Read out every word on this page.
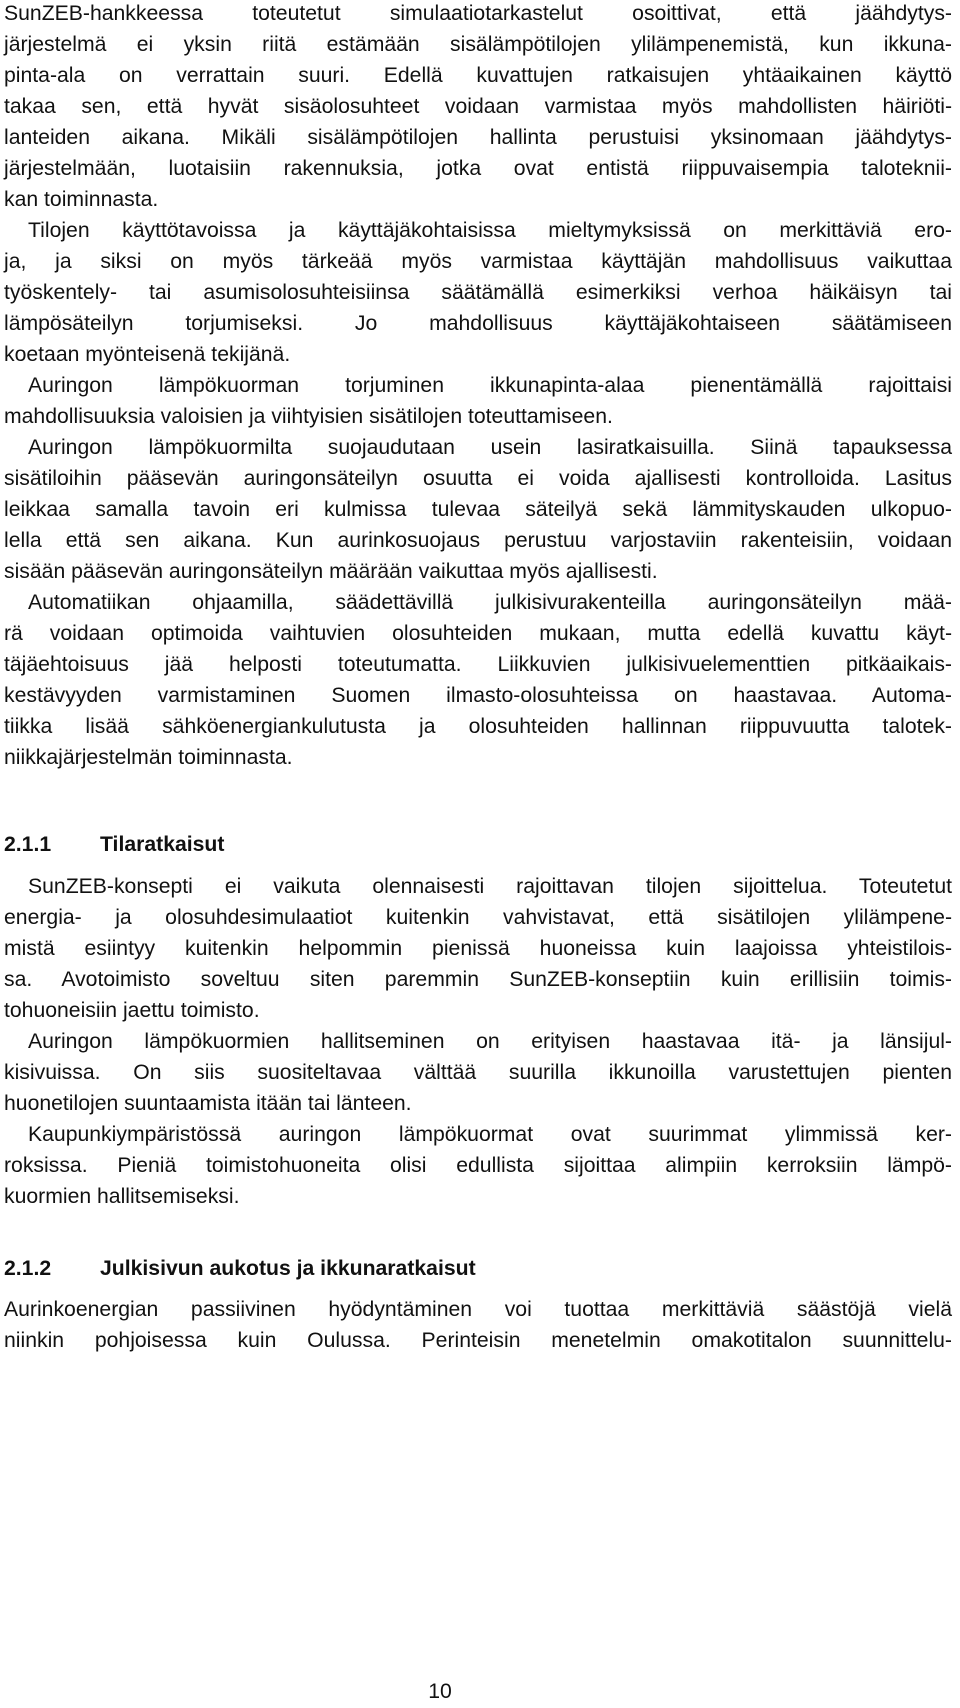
SunZEB-hankkeessa toteutetut simulaatiotarkastelut osoittivat, että jäähdytys-
järjestelmä ei yksin riitä estämään sisälämpötilojen ylilämpenemistä, kun ikkuna-
pinta-ala on verrattain suuri. Edellä kuvattujen ratkaisujen yhtäaikainen käyttö
takaa sen, että hyvät sisäolosuhteet voidaan varmistaa myös mahdollisten häiriöti-
lanteiden aikana. Mikäli sisälämpötilojen hallinta perustuisi yksinomaan jäähdytys-
järjestelmään, luotaisiin rakennuksia, jotka ovat entistä riippuvaisempia taloteknii-
kan toiminnasta.
Tilojen käyttötavoissa ja käyttäjäkohtaisissa mieltymyksissä on merkittäviä ero-
ja, ja siksi on myös tärkeää myös varmistaa käyttäjän mahdollisuus vaikuttaa
työskentely- tai asumisolosuhteisiinsa säätämällä esimerkiksi verhoa häikäisyn tai
lämpösäteilyn torjumiseksi. Jo mahdollisuus käyttäjäkohtaiseen säätämiseen
koetaan myönteisenä tekijänä.
Auringon lämpökuorman torjuminen ikkunapinta-alaa pienentämällä rajoittaisi
mahdollisuuksia valoisien ja viihtyisien sisätilojen toteuttamiseen.
Auringon lämpökuormilta suojaudutaan usein lasiratkaisuilla. Siinä tapauksessa
sisätiloihin pääsevän auringonsäteilyn osuutta ei voida ajallisesti kontrolloida. Lasitus
leikkaa samalla tavoin eri kulmissa tulevaa säteilyä sekä lämmityskauden ulkopuo-
lella että sen aikana. Kun aurinkosuojaus perustuu varjostaviin rakenteisiin, voidaan
sisään pääsevän auringonsäteilyn määrään vaikuttaa myös ajallisesti.
Automatiikan ohjaamilla, säädettävillä julkisivurakenteilla auringonsäteilyn mää-
rä voidaan optimoida vaihtuvien olosuhteiden mukaan, mutta edellä kuvattu käyt-
täjäehtoisuus jää helposti toteutumatta. Liikkuvien julkisivuelementtien pitkäaikais-
kestävyyden varmistaminen Suomen ilmasto-olosuhteissa on haastavaa. Automa-
tiikka lisää sähköenergiankulutusta ja olosuhteiden hallinnan riippuvuutta talotek-
niikkajärjestelmän toiminnasta.
2.1.1 Tilaratkaisut
SunZEB-konsepti ei vaikuta olennaisesti rajoittavan tilojen sijoittelua. Toteutetut
energia- ja olosuhdesimulaatiot kuitenkin vahvistavat, että sisätilojen ylilämpene-
mistä esiintyy kuitenkin helpommin pienissä huoneissa kuin laajoissa yhteistilois-
sa. Avotoimisto soveltuu siten paremmin SunZEB-konseptiin kuin erillisiin toimis-
tohuoneisiin jaettu toimisto.
Auringon lämpökuormien hallitseminen on erityisen haastavaa itä- ja länsijul-
kisivuissa. On siis suositeltavaa välttää suurilla ikkunoilla varustettujen pienten
huonetilojen suuntaamista itään tai länteen.
Kaupunkiympäristössä auringon lämpökuormat ovat suurimmat ylimmissä ker-
roksissa. Pieniä toimistohuoneita olisi edullista sijoittaa alimpiin kerroksiin lämpö-
kuormien hallitsemiseksi.
2.1.2 Julkisivun aukotus ja ikkunaratkaisut
Aurinkoenergian passiivinen hyödyntäminen voi tuottaa merkittäviä säästöjä vielä
niinkin pohjoisessa kuin Oulussa. Perinteisin menetelmin omakotitalon suunnittelu-
10
